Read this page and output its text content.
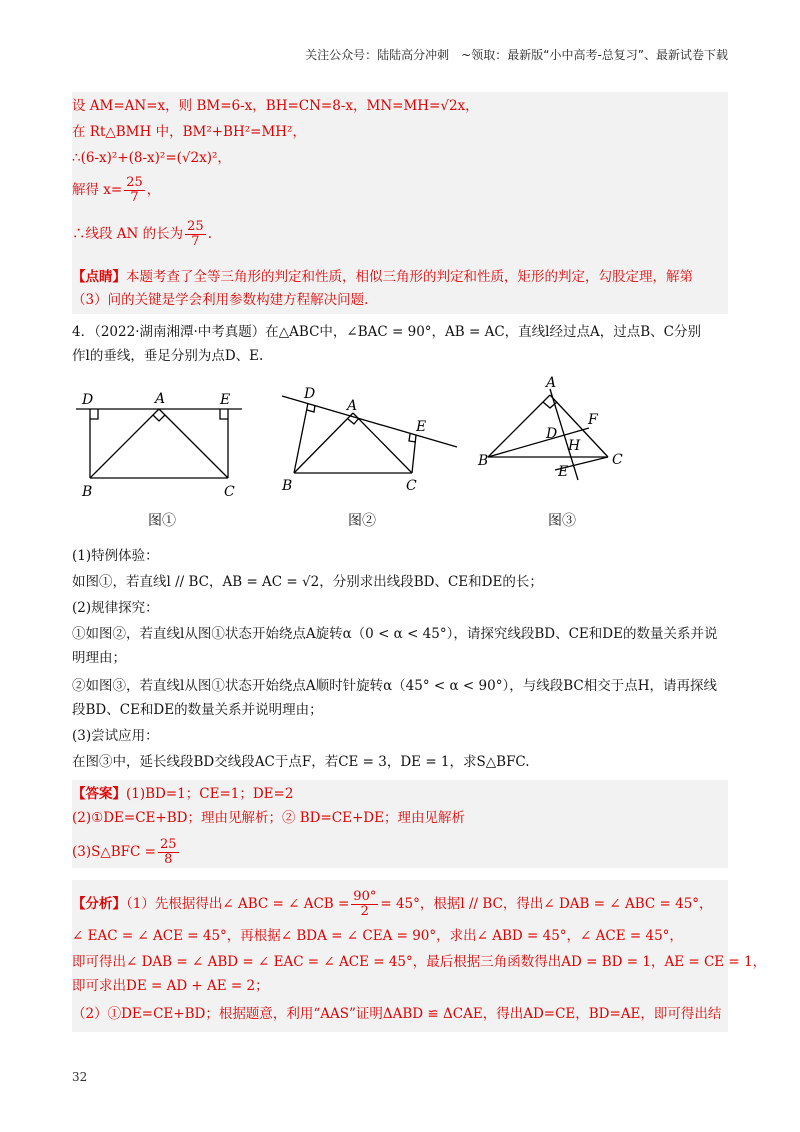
关注公众号：陆陆高分冲刺　~领取：最新版“小中高考-总复习”、最新试卷下载
设 AM=AN=x，则 BM=6-x，BH=CN=8-x，MN=MH=√2x，
在 Rt△BMH 中，BM²+BH²=MH²，
∴(6-x)²+(8-x)²=(√2x)²，
解得 $x= \frac{25}{7}$ ，
∴线段 AN 的长为 $\frac{25}{7}$ .
【点睛】本题考查了全等三角形的判定和性质，相似三角形的判定和性质，矩形的判定，勾股定理，解第
（3）问的关键是学会利用参数构建方程解决问题.
4．（2022·湖南湘潭·中考真题）在△ABC中，∠BAC = 90°，AB = AC，直线l经过点A，过点B、C分别
作l的垂线，垂足分别为点D、E.
D	A	E
B	C
D
A
E
B	C
A
F
D
H
B	C
E
图①	图②	图③
(1)特例体验：
如图①，若直线l // BC，AB = AC = √2，分别求出线段BD、CE和DE的长；
(2)规律探究：
①如图②，若直线l从图①状态开始绕点A旋转α（0 < α < 45°），请探究线段BD、CE和DE的数量关系并说
明理由；
②如图③，若直线l从图①状态开始绕点A顺时针旋转α（45° < α < 90°），与线段BC相交于点H，请再探线
段BD、CE和DE的数量关系并说明理由；
(3)尝试应用：
在图③中，延长线段BD交线段AC于点F，若CE = 3，DE = 1，求S△BFC.
【答案】(1)BD=1；CE=1；DE=2
(2)①DE=CE+BD；理由见解析；② BD=CE+DE；理由见解析
(3)S△BFC = $\frac{25}{8}$
【分析】（1）先根据得出∠ ABC = ∠ ACB = $\frac{90^\circ}{2} = 45^\circ$，根据l // BC，得出∠ DAB = ∠ ABC = 45°，
∠ EAC = ∠ ACE = 45°，再根据∠ BDA = ∠ CEA = 90°，求出∠ ABD = 45°，∠ ACE = 45°，
即可得出∠ DAB = ∠ ABD = ∠ EAC = ∠ ACE = 45°，最后根据三角函数得出AD = BD = 1，AE = CE = 1，
即可求出DE = AD + AE = 2；
（2）①DE=CE+BD；根据题意，利用“AAS”证明ΔABD ≌ ΔCAE，得出AD=CE，BD=AE，即可得出结
32
